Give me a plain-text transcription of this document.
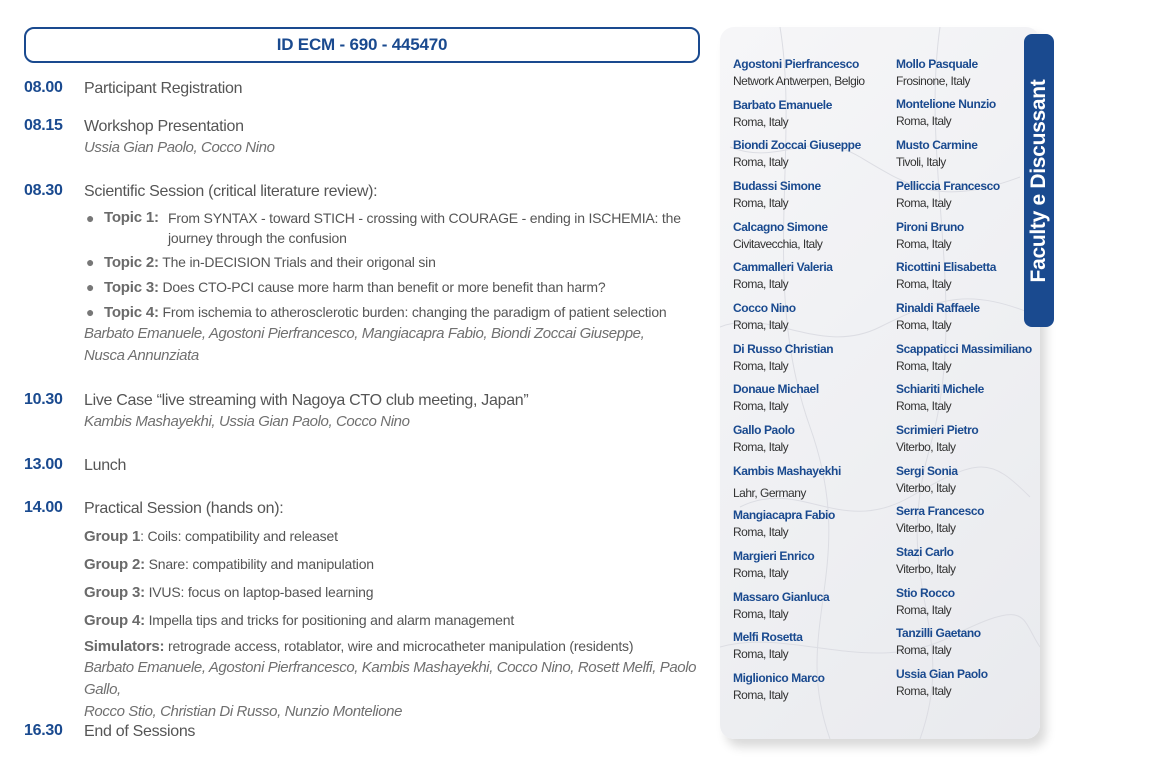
ID ECM - 690 - 445470
08.00	Participant Registration
08.15	Workshop Presentation
Ussia Gian Paolo, Cocco Nino
08.30	Scientific Session (critical literature review):
● Topic 1: From SYNTAX - toward STICH - crossing with COURAGE - ending in ISCHEMIA: the journey through the confusion
● Topic 2: The in-DECISION Trials and their origonal sin
● Topic 3: Does CTO-PCI cause more harm than benefit or more benefit than harm?
● Topic 4: From ischemia to atherosclerotic burden: changing the paradigm of patient selection
Barbato Emanuele, Agostoni Pierfrancesco, Mangiacapra Fabio, Biondi Zoccai Giuseppe,
Nusca Annunziata
10.30	Live Case “live streaming with Nagoya CTO club meeting, Japan”
Kambis Mashayekhi, Ussia Gian Paolo, Cocco Nino
13.00	Lunch
14.00	Practical Session (hands on):
Group 1: Coils: compatibility and releaset
Group 2: Snare: compatibility and manipulation
Group 3: IVUS: focus on laptop-based learning
Group 4: Impella tips and tricks for positioning and alarm management
Simulators: retrograde access, rotablator, wire and microcatheter manipulation (residents)
Barbato Emanuele, Agostoni Pierfrancesco, Kambis Mashayekhi, Cocco Nino, Rosett Melfi, Paolo Gallo,
Rocco Stio, Christian Di Russo, Nunzio Montelione
16.30	End of Sessions
Agostoni Pierfrancesco
Network Antwerpen, Belgio
Barbato Emanuele
Roma, Italy
Biondi Zoccai Giuseppe
Roma, Italy
Budassi Simone
Roma, Italy
Calcagno Simone
Civitavecchia, Italy
Cammalleri Valeria
Roma, Italy
Cocco Nino
Roma, Italy
Di Russo Christian
Roma, Italy
Donaue Michael
Roma, Italy
Gallo Paolo
Roma, Italy
Kambis Mashayekhi
Lahr, Germany
Mangiacapra Fabio
Roma, Italy
Margieri Enrico
Roma, Italy
Massaro Gianluca
Roma, Italy
Melfi Rosetta
Roma, Italy
Miglionico Marco
Roma, Italy
Mollo Pasquale
Frosinone, Italy
Montelione Nunzio
Roma, Italy
Musto Carmine
Tivoli, Italy
Pelliccia Francesco
Roma, Italy
Pironi Bruno
Roma, Italy
Ricottini Elisabetta
Roma, Italy
Rinaldi Raffaele
Roma, Italy
Scappaticci Massimiliano
Roma, Italy
Schiariti Michele
Roma, Italy
Scrimieri Pietro
Viterbo, Italy
Sergi Sonia
Viterbo, Italy
Serra Francesco
Viterbo, Italy
Stazi Carlo
Viterbo, Italy
Stio Rocco
Roma, Italy
Tanzilli Gaetano
Roma, Italy
Ussia Gian Paolo
Roma, Italy
Faculty e Discussant
